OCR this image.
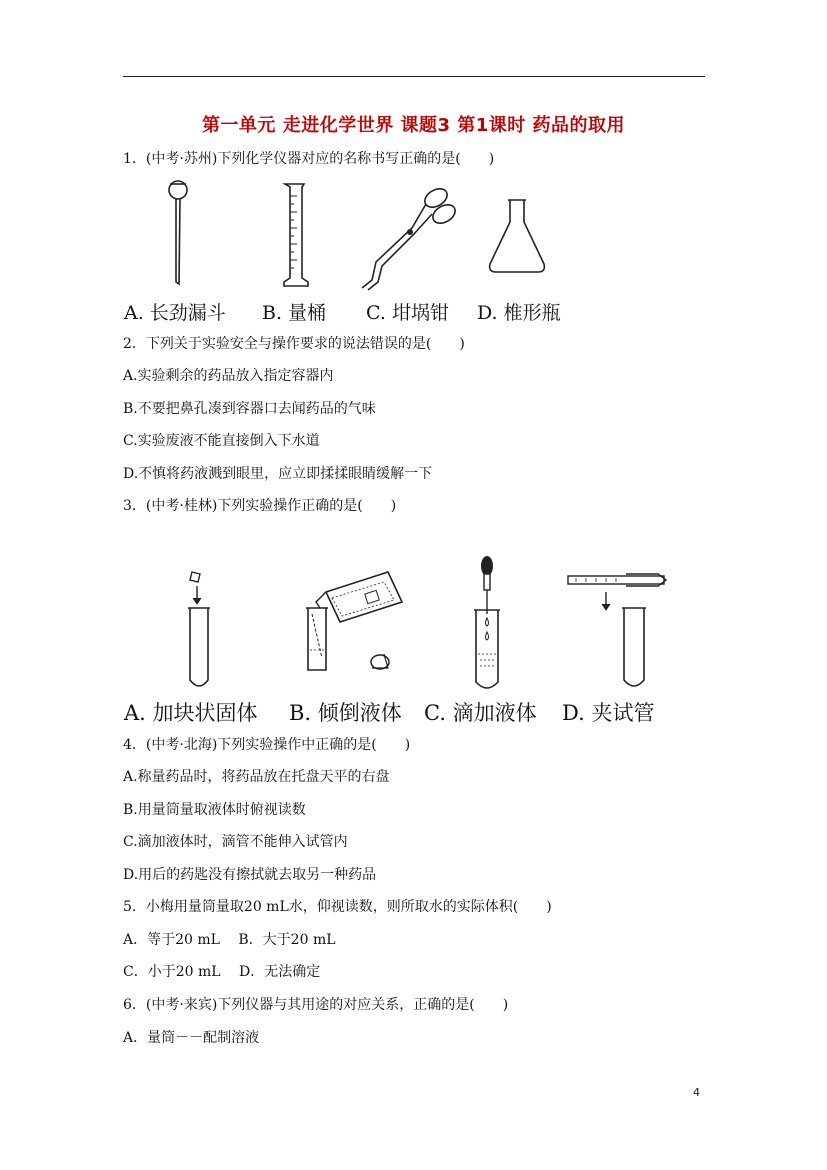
第一单元 走进化学世界 课题3 第1课时 药品的取用
1．(中考·苏州)下列化学仪器对应的名称书写正确的是(　　)
A. 长劲漏斗 B. 量桶 C. 坩埚钳 D. 椎形瓶
2．下列关于实验安全与操作要求的说法错误的是(　　)
A.实验剩余的药品放入指定容器内
B.不要把鼻孔凑到容器口去闻药品的气味
C.实验废液不能直接倒入下水道
D.不慎将药液溅到眼里，应立即揉揉眼睛缓解一下
3．(中考·桂林)下列实验操作正确的是(　　)
A. 加块状固体 B. 倾倒液体 C. 滴加液体 D. 夹试管
4．(中考·北海)下列实验操作中正确的是(　　)
A.称量药品时，将药品放在托盘天平的右盘
B.用量筒量取液体时俯视读数
C.滴加液体时，滴管不能伸入试管内
D.用后的药匙没有擦拭就去取另一种药品
5．小梅用量筒量取20 mL水，仰视读数，则所取水的实际体积(　　)
A．等于20 mL　 B．大于20 mL
C．小于20 mL　 D．无法确定
6．(中考·来宾)下列仪器与其用途的对应关系，正确的是(　　)
A．量筒－－配制溶液
4
